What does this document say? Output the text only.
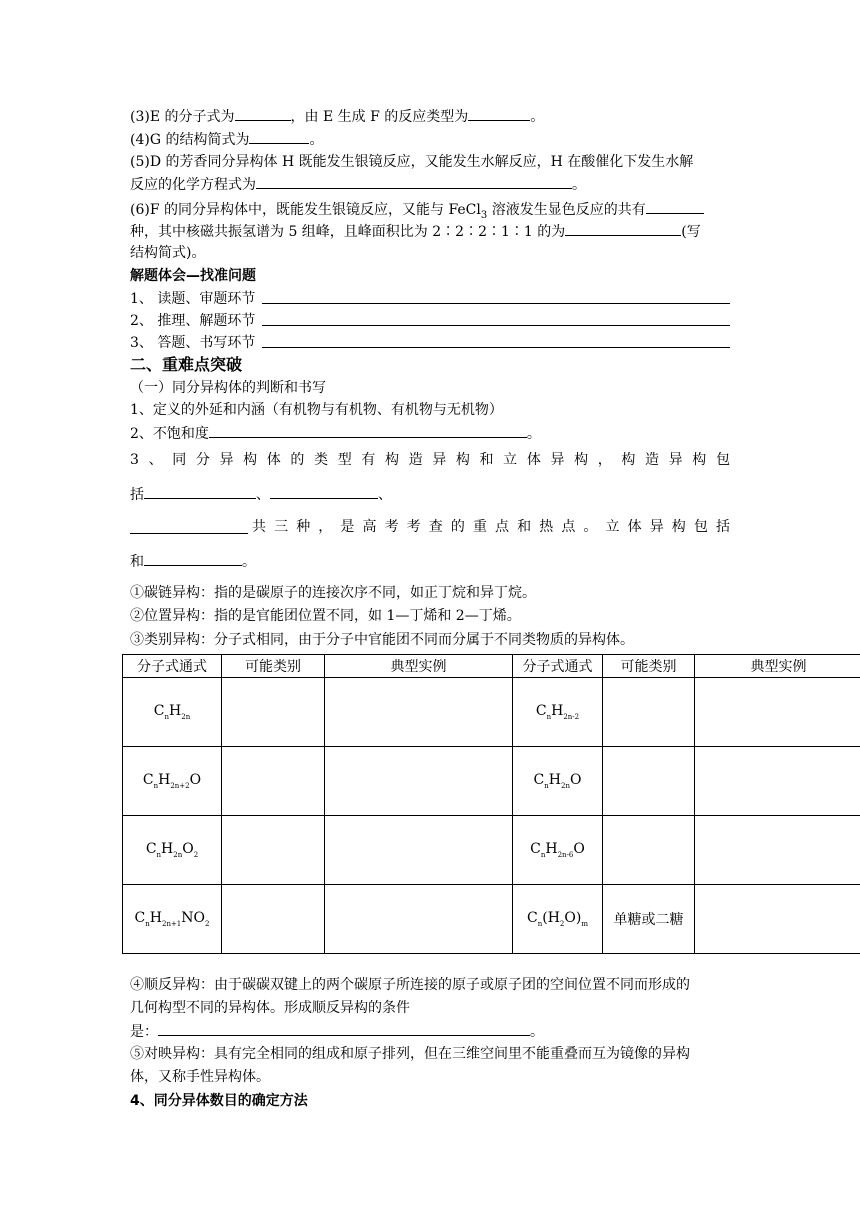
(3)E 的分子式为	，由 E 生成 F 的反应类型为	。
(4)G 的结构简式为	。
(5)D 的芳香同分异构体 H 既能发生银镜反应，又能发生水解反应，H 在酸催化下发生水解
反应的化学方程式为	。
(6)F 的同分异构体中，既能发生银镜反应，又能与 FeCl$_3$ 溶液发生显色反应的共有
种，其中核磁共振氢谱为 5 组峰，且峰面积比为 2∶2∶2∶1∶1 的为	(写
结构简式)。
解题体会—找准问题
1、 读题、审题环节
2、 推理、解题环节
3、 答题、书写环节
二、重难点突破
（一）同分异构体的判断和书写
1、定义的外延和内涵（有机物与有机物、有机物与无机物）
2、不饱和度	。
3 、 同 分 异 构 体 的 类 型 有 构 造 异 构 和 立 体 异 构 ， 构 造 异 构 包
括	、	、
共 三 种 ， 是 高 考 考 查 的 重 点 和 热 点 。 立 体 异 构 包 括
和	。
①碳链异构：指的是碳原子的连接次序不同，如正丁烷和异丁烷。
②位置异构：指的是官能团位置不同，如 1—丁烯和 2—丁烯。
③类别异构：分子式相同，由于分子中官能团不同而分属于不同类物质的异构体。
分子式通式	可能类别	典型实例	分子式通式	可能类别	典型实例
$C_nH_{2n}$			$C_nH_{2n-2}$		
$C_nH_{2n+2}O$			$C_nH_{2n}O$		
$C_nH_{2n}O_2$			$C_nH_{2n-6}O$		
$C_nH_{2n+1}NO_2$			$C_n(H_2O)_m$	单糖或二糖	
④顺反异构：由于碳碳双键上的两个碳原子所连接的原子或原子团的空间位置不同而形成的
几何构型不同的异构体。形成顺反异构的条件
是：	。
⑤对映异构：具有完全相同的组成和原子排列，但在三维空间里不能重叠而互为镜像的异构
体，又称手性异构体。
4、同分异体数目的确定方法
